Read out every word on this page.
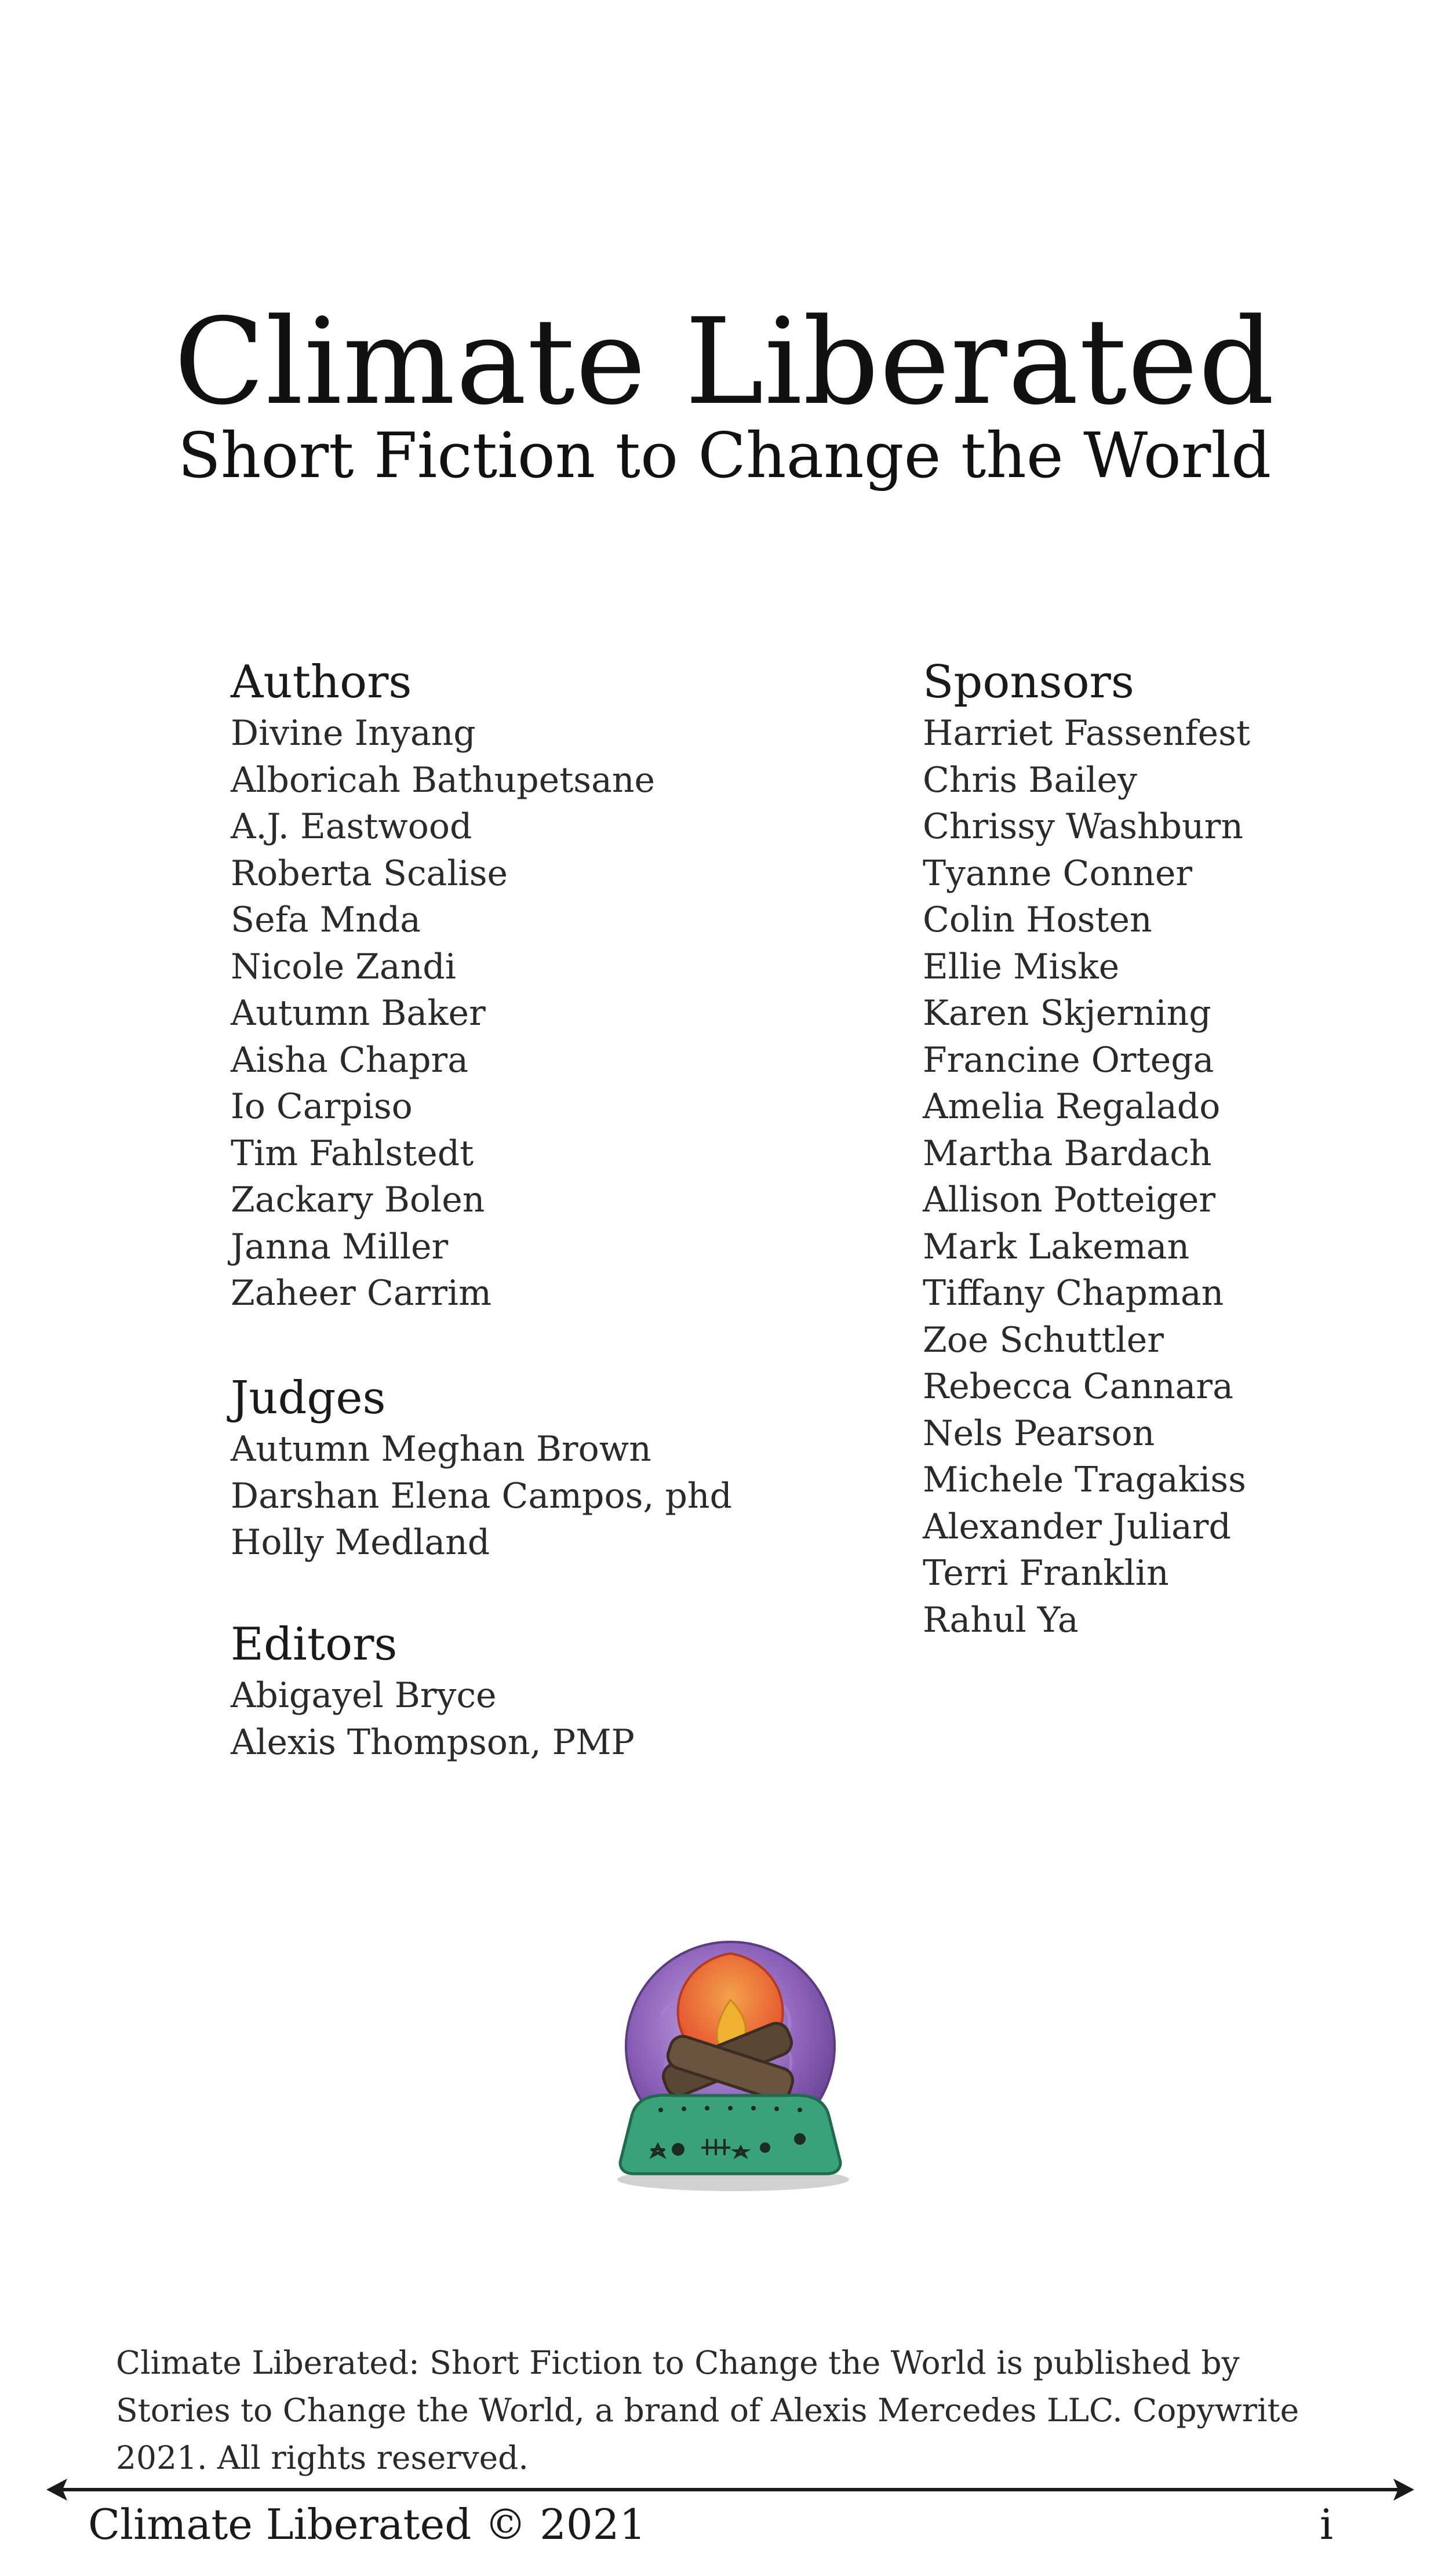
Climate Liberated
Short Fiction to Change the World
Authors
Divine Inyang
Alboricah Bathupetsane
A.J. Eastwood
Roberta Scalise
Sefa Mnda
Nicole Zandi
Autumn Baker
Aisha Chapra
Io Carpiso
Tim Fahlstedt
Zackary Bolen
Janna Miller
Zaheer Carrim
Judges
Autumn Meghan Brown
Darshan Elena Campos, phd
Holly Medland
Editors
Abigayel Bryce
Alexis Thompson, PMP
Sponsors
Harriet Fassenfest
Chris Bailey
Chrissy Washburn
Tyanne Conner
Colin Hosten
Ellie Miske
Karen Skjerning
Francine Ortega
Amelia Regalado
Martha Bardach
Allison Potteiger
Mark Lakeman
Tiffany Chapman
Zoe Schuttler
Rebecca Cannara
Nels Pearson
Michele Tragakiss
Alexander Juliard
Terri Franklin
Rahul Ya
Climate Liberated: Short Fiction to Change the World is published by Stories to Change the World, a brand of Alexis Mercedes LLC. Copywrite 2021. All rights reserved.
Climate Liberated © 2021	i
